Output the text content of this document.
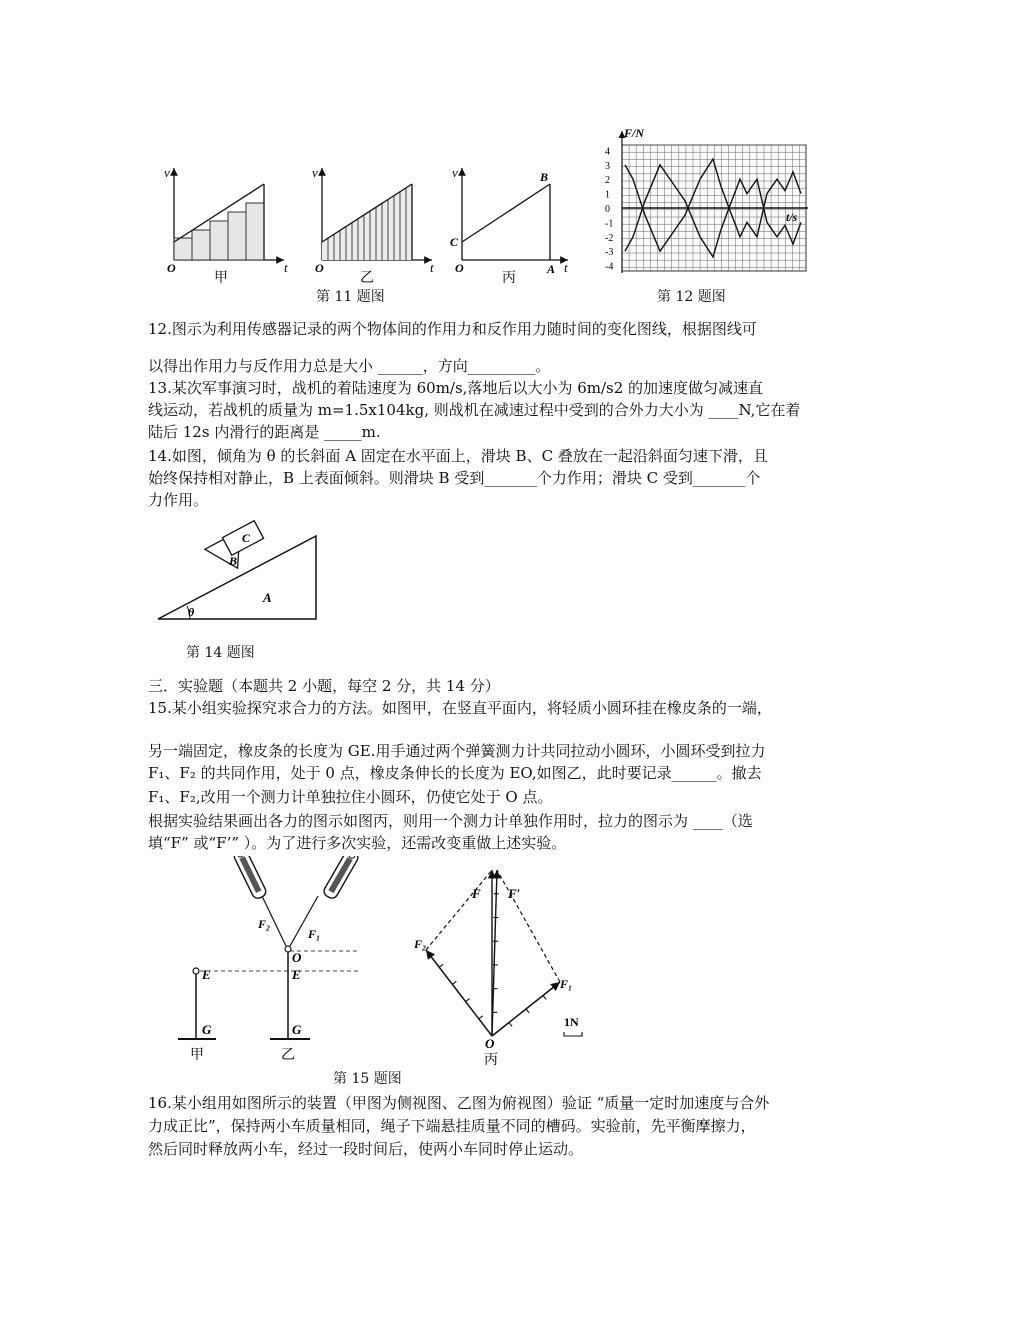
v
t
O
甲
v
t
O
乙
v
t
O
C
A
B
丙
第 11 题图
F/N
t/s
4
3
2
1
0
-1
-2
-3
-4
第 12 题图
12.图示为利用传感器记录的两个物体间的作用力和反作用力随时间的变化图线，根据图线可
以得出作用力与反作用力总是大小 ______，方向_________。
13.某次军事演习时，战机的着陆速度为 60m/s,落地后以大小为 6m/s2 的加速度做匀减速直
线运动，若战机的质量为 m=1.5x104kg, 则战机在减速过程中受到的合外力大小为 ____N,它在着
陆后 12s 内滑行的距离是 _____m.
14.如图，倾角为 θ 的长斜面 A 固定在水平面上，滑块 B、C 叠放在一起沿斜面匀速下滑，且
始终保持相对静止，B 上表面倾斜。则滑块 B 受到_______个力作用；滑块 C 受到_______个
力作用。
A
B
C
θ
第 14 题图
三．实验题（本题共 2 小题，每空 2 分，共 14 分）
15.某小组实验探究求合力的方法。如图甲，在竖直平面内，将轻质小圆环挂在橡皮条的一端，
另一端固定，橡皮条的长度为 GE.用手通过两个弹簧测力计共同拉动小圆环，小圆环受到拉力
F₁、F₂ 的共同作用，处于 0 点，橡皮条伸长的长度为 EO,如图乙，此时要记录______。撤去
F₁、F₂,改用一个测力计单独拉住小圆环，仍使它处于 O 点。
根据实验结果画出各力的图示如图丙，则用一个测力计单独作用时，拉力的图示为 ____（选
填“F” 或“F’” ）。为了进行多次实验，还需改变重做上述实验。
E
G
甲
F₂
F₁
O
E
G
乙
F F′
F₂
F₁
O
丙
1N
第 15 题图
16.某小组用如图所示的装置（甲图为侧视图、乙图为俯视图）验证 “质量一定时加速度与合外
力成正比”，保持两小车质量相同，绳子下端悬挂质量不同的槽码。实验前，先平衡摩擦力，
然后同时释放两小车，经过一段时间后，使两小车同时停止运动。
